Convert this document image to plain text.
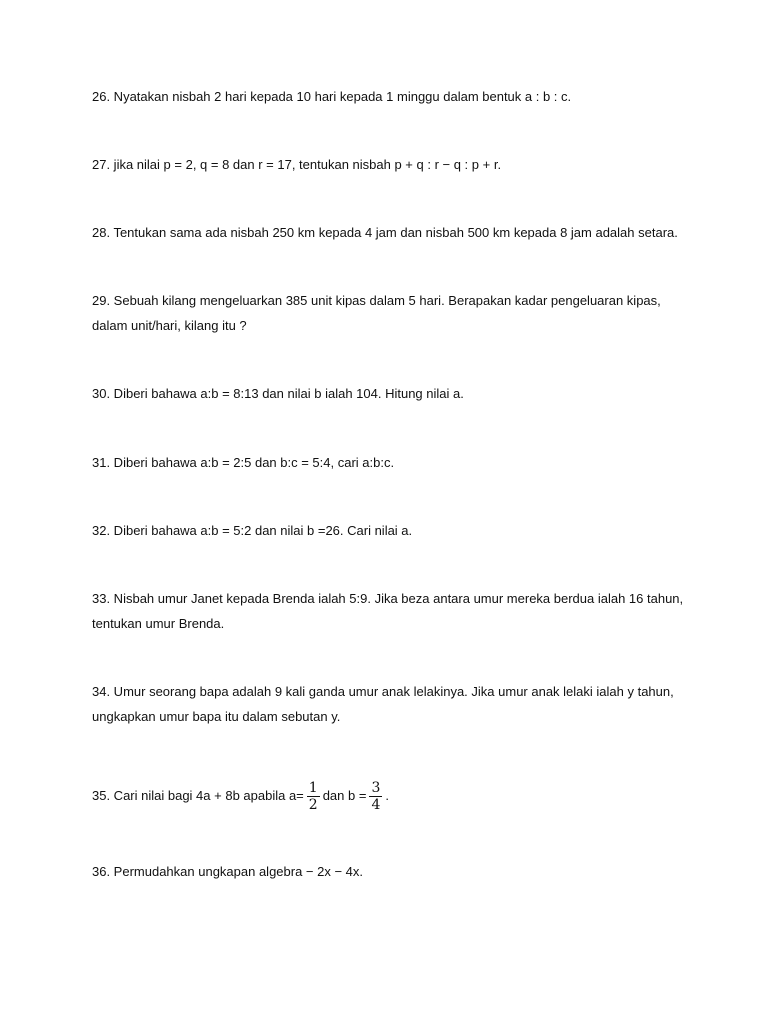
26. Nyatakan nisbah 2 hari kepada 10 hari kepada 1 minggu dalam bentuk a : b : c.
27. jika nilai p = 2, q = 8 dan r = 17, tentukan nisbah p + q : r − q : p + r.
28. Tentukan sama ada nisbah 250 km kepada 4 jam dan nisbah 500 km kepada 8 jam adalah setara.
29. Sebuah kilang mengeluarkan 385 unit kipas dalam 5 hari. Berapakan kadar pengeluaran kipas,
dalam unit/hari, kilang itu ?
30. Diberi bahawa a:b = 8:13 dan nilai b ialah 104. Hitung nilai a.
31. Diberi bahawa a:b = 2:5 dan b:c = 5:4, cari a:b:c.
32. Diberi bahawa a:b = 5:2 dan nilai b =26. Cari nilai a.
33. Nisbah umur Janet kepada Brenda ialah 5:9. Jika beza antara umur mereka berdua ialah 16 tahun,
tentukan umur Brenda.
34. Umur seorang bapa adalah 9 kali ganda umur anak lelakinya. Jika umur anak lelaki ialah y tahun,
ungkapkan umur bapa itu dalam sebutan y.
35. Cari nilai bagi 4a + 8b apabila $a= \frac{1}{2}$ dan $b = \frac{3}{4}$ .
36. Permudahkan ungkapan algebra − 2x − 4x.
